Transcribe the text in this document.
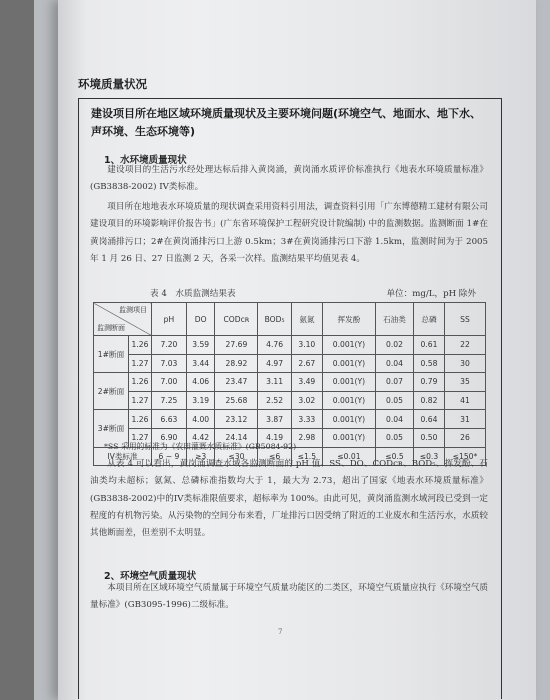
环境质量状况
建设项目所在地区域环境质量现状及主要环境问题(环境空气、地面水、地下水、声环境、生态环境等)
1、水环境质量现状
建设项目的生活污水经处理达标后排入黄岗涌，黄岗涌水质评价标准执行《地表水环境质量标准》(GB3838-2002) IV类标准。
项目所在地地表水环境质量的现状调查采用资料引用法，调查资料引用「广东博德精工建材有限公司建设项目的环境影响评价报告书」(广东省环境保护工程研究设计院编制) 中的监测数据。监测断面 1#在黄岗涌排污口；2#在黄岗涌排污口上游 0.5km；3#在黄岗涌排污口下游 1.5km，监测时间为于 2005 年 1 月 26 日、27 日监测 2 天，各采一次样。监测结果平均值见表 4。
表 4　水质监测结果表	单位：mg/L，pH 除外
监测项目
监测断面		pH	DO	CODᴄʀ	BOD₅	氨氮	挥发酚	石油类	总磷	SS
1#断面	1.26	7.20	3.59	27.69	4.76	3.10	0.001(Y)	0.02	0.61	22
	1.27	7.03	3.44	28.92	4.97	2.67	0.001(Y)	0.04	0.58	30
2#断面	1.26	7.00	4.06	23.47	3.11	3.49	0.001(Y)	0.07	0.79	35
	1.27	7.25	3.19	25.68	2.52	3.02	0.001(Y)	0.05	0.82	41
3#断面	1.26	6.63	4.00	23.12	3.87	3.33	0.001(Y)	0.04	0.64	31
	1.27	6.90	4.42	24.14	4.19	2.98	0.001(Y)	0.05	0.50	26
IV类标准		6 ~ 9	≥3	≤30	≤6	≤1.5	≤0.01	≤0.5	≤0.3	≤150*
*SS 采用的标准为《农田灌溉水质标准》(GB5084-92)
从表 4 可以看出，黄岗涌调查水域各监测断面的 pH 值、SS、DO、CODᴄʀ、BOD₅、挥发酚、石油类均未超标；氨氮、总磷标准指数均大于 1，最大为 2.73，超出了国家《地表水环境质量标准》(GB3838-2002)中的IV类标准限值要求，超标率为 100%。由此可见，黄岗涌监测水域河段已受到一定程度的有机物污染。从污染物的空间分布来看，厂址排污口因受纳了附近的工业废水和生活污水，水质较其他断面差，但差别不太明显。
2、环境空气质量现状
本项目所在区域环境空气质量属于环境空气质量功能区的二类区，环境空气质量应执行《环境空气质量标准》(GB3095-1996)二级标准。
7
